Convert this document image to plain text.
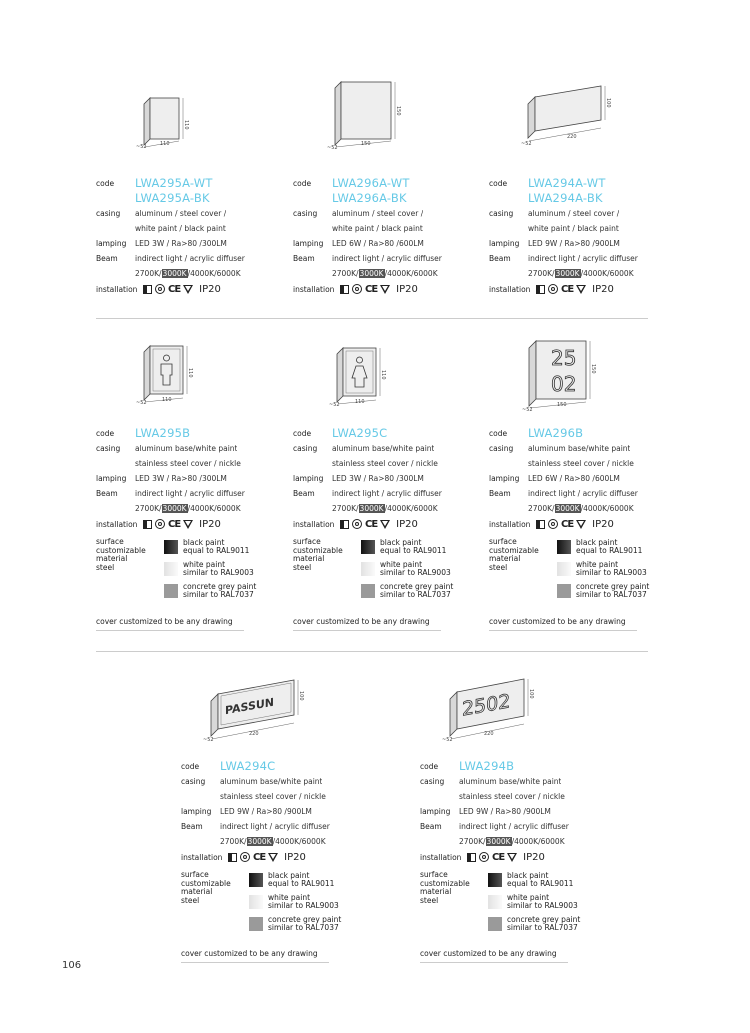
110
110
~52
code	LWA295A-WT
LWA295A-BK
casing	aluminum / steel cover /
white paint / black paint
lamping	LED 3W / Ra>80 /300LM
Beam	indirect light / acrylic diffuser
2700K/3000K/4000K/6000K
installation	CE IP20
150
150
~52
code	LWA296A-WT
LWA296A-BK
casing	aluminum / steel cover /
white paint / black paint
lamping	LED 6W / Ra>80 /600LM
Beam	indirect light / acrylic diffuser
2700K/3000K/4000K/6000K
installation	CE IP20
100
220
~52
code	LWA294A-WT
LWA294A-BK
casing	aluminum / steel cover /
white paint / black paint
lamping	LED 9W / Ra>80 /900LM
Beam	indirect light / acrylic diffuser
2700K/3000K/4000K/6000K
installation	CE IP20
110
110
~52
code	LWA295B
casing	aluminum base/white paint
stainless steel cover / nickle
lamping	LED 3W / Ra>80 /300LM
Beam	indirect light / acrylic diffuser
2700K/3000K/4000K/6000K
installation	CE IP20
surface
customizable
material
steel
black paint
equal to RAL9011
white paint
similar to RAL9003
concrete grey paint
similar to RAL7037
110
110
~52
code	LWA295C
casing	aluminum base/white paint
stainless steel cover / nickle
lamping	LED 3W / Ra>80 /300LM
Beam	indirect light / acrylic diffuser
2700K/3000K/4000K/6000K
installation	CE IP20
surface
customizable
material
steel
black paint
equal to RAL9011
white paint
similar to RAL9003
concrete grey paint
similar to RAL7037
25
02
150
150
~52
code	LWA296B
casing	aluminum base/white paint
stainless steel cover / nickle
lamping	LED 6W / Ra>80 /600LM
Beam	indirect light / acrylic diffuser
2700K/3000K/4000K/6000K
installation	CE IP20
surface
customizable
material
steel
black paint
equal to RAL9011
white paint
similar to RAL9003
concrete grey paint
similar to RAL7037
cover customized to be any drawing	cover customized to be any drawing	cover customized to be any drawing
PASSUN	100
220
~52
code	LWA294C
casing	aluminum base/white paint
stainless steel cover / nickle
lamping	LED 9W / Ra>80 /900LM
Beam	indirect light / acrylic diffuser
2700K/3000K/4000K/6000K
installation	CE IP20
surface
customizable
material
steel
black paint
equal to RAL9011
white paint
similar to RAL9003
concrete grey paint
similar to RAL7037
2502	100
220
~52
code	LWA294B
casing	aluminum base/white paint
stainless steel cover / nickle
lamping	LED 9W / Ra>80 /900LM
Beam	indirect light / acrylic diffuser
2700K/3000K/4000K/6000K
installation	CE IP20
surface
customizable
material
steel
black paint
equal to RAL9011
white paint
similar to RAL9003
concrete grey paint
similar to RAL7037
cover customized to be any drawing	cover customized to be any drawing
106
